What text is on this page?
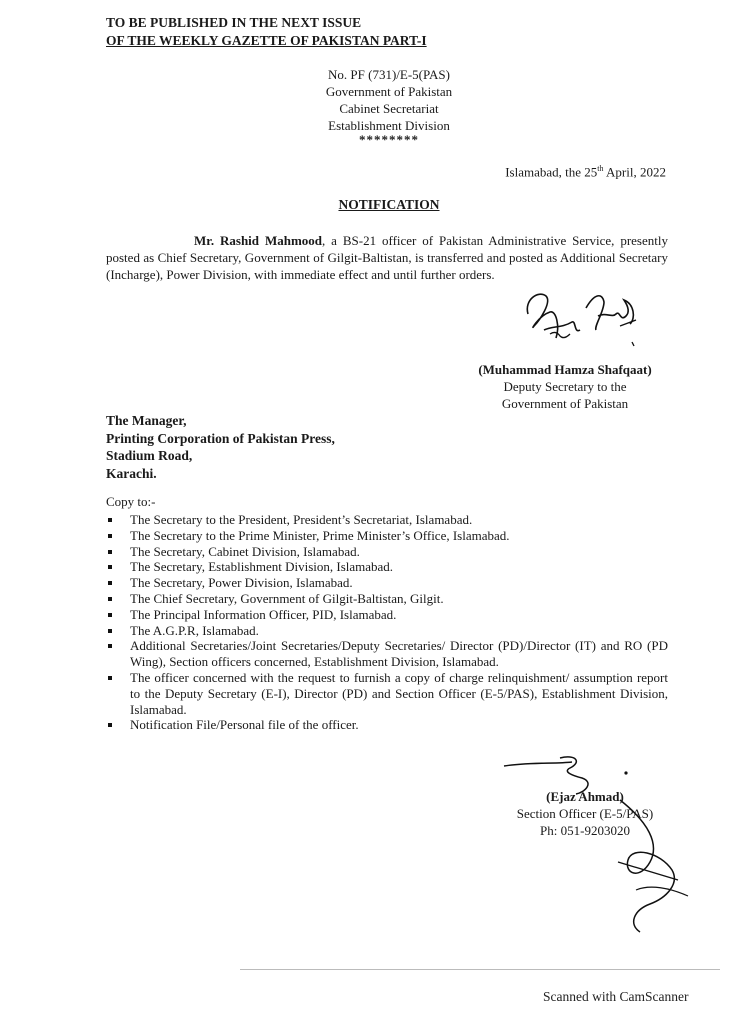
TO BE PUBLISHED IN THE NEXT ISSUE
OF THE WEEKLY GAZETTE OF PAKISTAN PART-I
No. PF (731)/E-5(PAS)
Government of Pakistan
Cabinet Secretariat
Establishment Division
********
Islamabad, the 25th April, 2022
NOTIFICATION
Mr. Rashid Mahmood, a BS-21 officer of Pakistan Administrative Service, presently posted as Chief Secretary, Government of Gilgit-Baltistan, is transferred and posted as Additional Secretary (Incharge), Power Division, with immediate effect and until further orders.
(Muhammad Hamza Shafqaat)
Deputy Secretary to the
Government of Pakistan
The Manager,
Printing Corporation of Pakistan Press,
Stadium Road,
Karachi.
Copy to:-
The Secretary to the President, President’s Secretariat, Islamabad.
The Secretary to the Prime Minister, Prime Minister’s Office, Islamabad.
The Secretary, Cabinet Division, Islamabad.
The Secretary, Establishment Division, Islamabad.
The Secretary, Power Division, Islamabad.
The Chief Secretary, Government of Gilgit-Baltistan, Gilgit.
The Principal Information Officer, PID, Islamabad.
The A.G.P.R, Islamabad.
Additional Secretaries/Joint Secretaries/Deputy Secretaries/ Director (PD)/Director (IT) and RO (PD Wing), Section officers concerned, Establishment Division, Islamabad.
The officer concerned with the request to furnish a copy of charge relinquishment/ assumption report to the Deputy Secretary (E-I), Director (PD) and Section Officer (E-5/PAS), Establishment Division, Islamabad.
Notification File/Personal file of the officer.
(Ejaz Ahmad)
Section Officer (E-5/PAS)
Ph: 051-9203020
Scanned with CamScanner
